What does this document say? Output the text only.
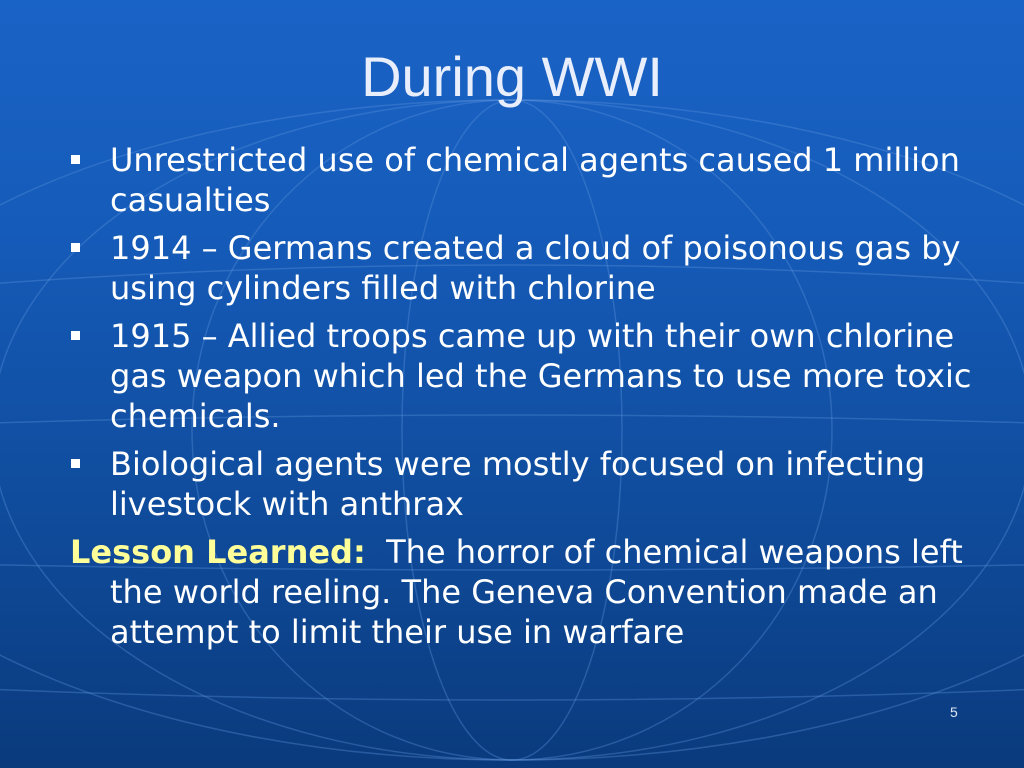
During WWI
Unrestricted use of chemical agents caused 1 million casualties
1914 – Germans created a cloud of poisonous gas by using cylinders filled with chlorine
1915 – Allied troops came up with their own chlorine gas weapon which led the Germans to use more toxic chemicals.
Biological agents were mostly focused on infecting livestock with anthrax
Lesson Learned: The horror of chemical weapons left the world reeling. The Geneva Convention made an attempt to limit their use in warfare
5
